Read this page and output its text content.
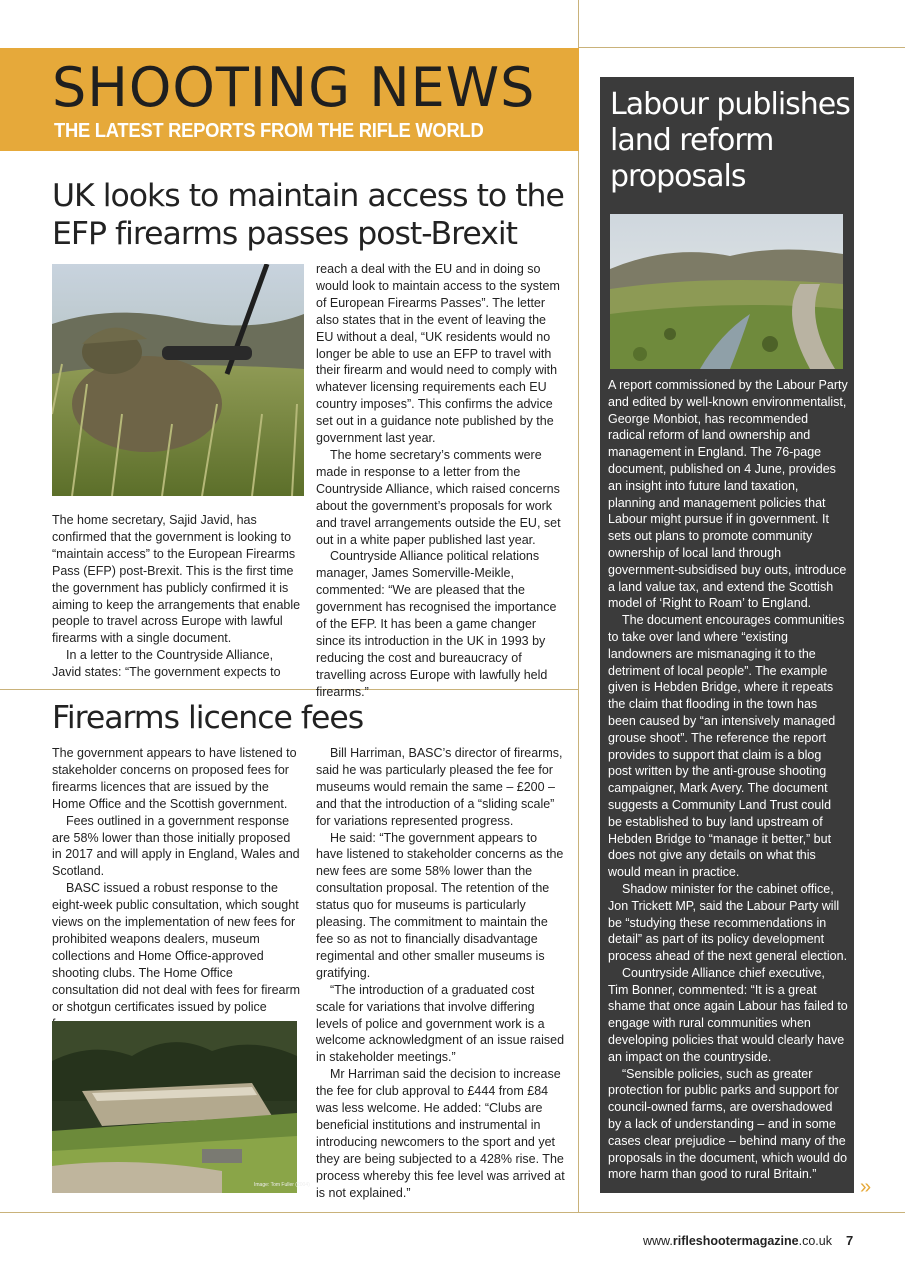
SHOOTING NEWS
THE LATEST REPORTS FROM THE RIFLE WORLD
UK looks to maintain access to the
EFP firearms passes post-Brexit

The home secretary, Sajid Javid, has confirmed that the government is looking to “maintain access” to the European Firearms Pass (EFP) post-Brexit. This is the first time the government has publicly confirmed it is aiming to keep the arrangements that enable people to travel across Europe with lawful firearms with a single document.

In a letter to the Countryside Alliance, Javid states: “The government expects to

reach a deal with the EU and in doing so would look to maintain access to the system of European Firearms Passes”. The letter also states that in the event of leaving the EU without a deal, “UK residents would no longer be able to use an EFP to travel with their firearm and would need to comply with whatever licensing requirements each EU country imposes”. This confirms the advice set out in a guidance note published by the government last year.

The home secretary’s comments were made in response to a letter from the Countryside Alliance, which raised concerns about the government’s proposals for work and travel arrangements outside the EU, set out in a white paper published last year.

Countryside Alliance political relations manager, James Somerville-Meikle, commented: “We are pleased that the government has recognised the importance of the EFP. It has been a game changer since its introduction in the UK in 1993 by reducing the cost and bureaucracy of travelling across Europe with lawfully held firearms.”

Firearms licence fees

The government appears to have listened to stakeholder concerns on proposed fees for firearms licences that are issued by the Home Office and the Scottish government.

Fees outlined in a government response are 58% lower than those initially proposed in 2017 and will apply in England, Wales and Scotland.

BASC issued a robust response to the eight-week public consultation, which sought views on the implementation of new fees for prohibited weapons dealers, museum collections and Home Office-approved shooting clubs. The Home Office consultation did not deal with fees for firearm or shotgun certificates issued by police

Image: Tom Fuller (2004)

Bill Harriman, BASC’s director of firearms, said he was particularly pleased the fee for museums would remain the same – £200 – and that the introduction of a “sliding scale” for variations represented progress.

He said: “The government appears to have listened to stakeholder concerns as the new fees are some 58% lower than the consultation proposal. The retention of the status quo for museums is particularly pleasing. The commitment to maintain the fee so as not to financially disadvantage regimental and other smaller museums is gratifying.

“The introduction of a graduated cost scale for variations that involve differing levels of police and government work is a welcome acknowledgment of an issue raised in stakeholder meetings.”

Mr Harriman said the decision to increase the fee for club approval to £444 from £84 was less welcome. He added: “Clubs are beneficial institutions and instrumental in introducing newcomers to the sport and yet they are being subjected to a 428% rise. The process whereby this fee level was arrived at is not explained.”

Labour publishes land reform proposals

A report commissioned by the Labour Party and edited by well-known environmentalist, George Monbiot, has recommended radical reform of land ownership and management in England. The 76-page document, published on 4 June, provides an insight into future land taxation, planning and management policies that Labour might pursue if in government. It sets out plans to promote community ownership of local land through government-subsidised buy outs, introduce a land value tax, and extend the Scottish model of ‘Right to Roam’ to England.

The document encourages communities to take over land where “existing landowners are mismanaging it to the detriment of local people”. The example given is Hebden Bridge, where it repeats the claim that flooding in the town has been caused by “an intensively managed grouse shoot”. The reference the report provides to support that claim is a blog post written by the anti-grouse shooting campaigner, Mark Avery. The document suggests a Community Land Trust could be established to buy land upstream of Hebden Bridge to “manage it better,” but does not give any details on what this would mean in practice.

Shadow minister for the cabinet office, Jon Trickett MP, said the Labour Party will be “studying these recommendations in detail” as part of its policy development process ahead of the next general election.

Countryside Alliance chief executive, Tim Bonner, commented: “It is a great shame that once again Labour has failed to engage with rural communities when developing policies that would clearly have an impact on the countryside.

“Sensible policies, such as greater protection for public parks and support for council-owned farms, are overshadowed by a lack of understanding – and in some cases clear prejudice – behind many of the proposals in the document, which would do more harm than good to rural Britain.”

»
www.rifleshootermagazine.co.uk 7
